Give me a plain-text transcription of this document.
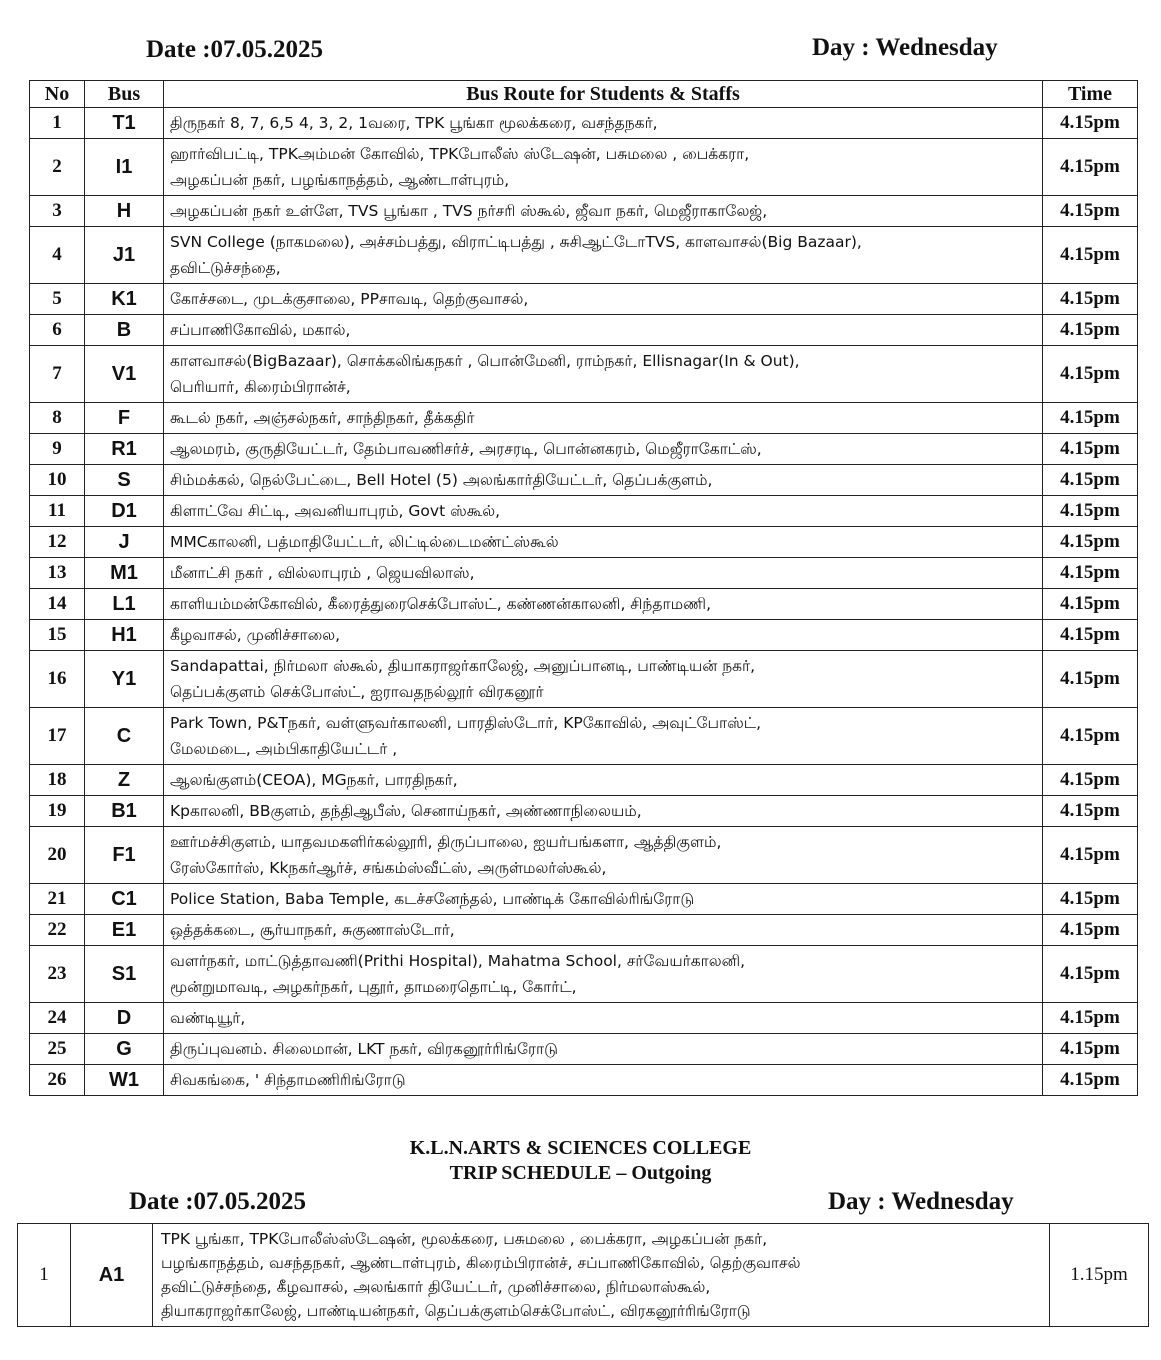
Date :07.05.2025	Day : Wednesday
No	Bus	Bus Route for Students & Staffs	Time
1	T1	திருநகர் 8, 7, 6,5 4, 3, 2, 1வரை, TPK பூங்கா மூலக்கரை, வசந்தநகர்,	4.15pm
2	I1	ஹார்விபட்டி, TPKஅம்மன் கோவில், TPKபோலீஸ் ஸ்டேஷன், பசுமலை , பைக்கரா,
அழகப்பன் நகர், பழங்காநத்தம், ஆண்டாள்புரம்,	4.15pm
3	H	அழகப்பன் நகர் உள்ளே, TVS பூங்கா , TVS நர்சரி ஸ்கூல், ஜீவா நகர், மெஜீராகாலேஜ்,	4.15pm
4	J1	SVN College (நாகமலை), அச்சம்பத்து, விராட்டிபத்து , சுசிஆட்டோTVS, காளவாசல்(Big Bazaar),
தவிட்டுச்சந்தை,	4.15pm
5	K1	கோச்சடை, முடக்குசாலை, PPசாவடி, தெற்குவாசல்,	4.15pm
6	B	சப்பாணிகோவில், மகால்,	4.15pm
7	V1	காளவாசல்(BigBazaar), சொக்கலிங்கநகர் , பொன்மேனி, ராம்நகர், Ellisnagar(In & Out),
பெரியார், கிரைம்பிரான்ச்,	4.15pm
8	F	கூடல் நகர், அஞ்சல்நகர், சாந்திநகர், தீக்கதிர்	4.15pm
9	R1	ஆலமரம், குருதியேட்டர், தேம்பாவணிசர்ச், அரசரடி, பொன்னகரம், மெஜீராகோட்ஸ்,	4.15pm
10	S	சிம்மக்கல், நெல்பேட்டை, Bell Hotel (5) அலங்கார்தியேட்டர், தெப்பக்குளம்,	4.15pm
11	D1	கிளாட்வே சிட்டி, அவனியாபுரம், Govt ஸ்கூல்,	4.15pm
12	J	MMCகாலனி, பத்மாதியேட்டர், லிட்டில்டைமண்ட்ஸ்கூல்	4.15pm
13	M1	மீனாட்சி நகர் , வில்லாபுரம் , ஜெயவிலாஸ்,	4.15pm
14	L1	காளியம்மன்கோவில், கீரைத்துரைசெக்போஸ்ட், கண்ணன்காலனி, சிந்தாமணி,	4.15pm
15	H1	கீழவாசல், முனிச்சாலை,	4.15pm
16	Y1	Sandapattai, நிர்மலா ஸ்கூல், தியாகராஜர்காலேஜ், அனுப்பானடி, பாண்டியன் நகர்,
தெப்பக்குளம் செக்போஸ்ட், ஐராவதநல்லூர் விரகனூர்	4.15pm
17	C	Park Town, P&Tநகர், வள்ளுவர்காலனி, பாரதிஸ்டோர், KPகோவில், அவுட்போஸ்ட்,
மேலமடை, அம்பிகாதியேட்டர் ,	4.15pm
18	Z	ஆலங்குளம்(CEOA), MGநகர், பாரதிநகர்,	4.15pm
19	B1	Kpகாலனி, BBகுளம், தந்திஆபீஸ், செனாய்நகர், அண்ணாநிலையம்,	4.15pm
20	F1	ஊர்மச்சிகுளம், யாதவமகளிர்கல்லூரி, திருப்பாலை, ஐயர்பங்களா, ஆத்திகுளம்,
ரேஸ்கோர்ஸ், Kkநகர்ஆர்ச், சங்கம்ஸ்வீட்ஸ், அருள்மலர்ஸ்கூல்,	4.15pm
21	C1	Police Station, Baba Temple, கடச்சனேந்தல், பாண்டிக் கோவில்ரிங்ரோடு	4.15pm
22	E1	ஒத்தக்கடை, சூர்யாநகர், சுகுணாஸ்டோர்,	4.15pm
23	S1	வளர்நகர், மாட்டுத்தாவணி(Prithi Hospital), Mahatma School, சர்வேயர்காலனி,
மூன்றுமாவடி, அழகர்நகர், புதூர், தாமரைதொட்டி, கோர்ட்,	4.15pm
24	D	வண்டியூர்,	4.15pm
25	G	திருப்புவனம். சிலைமான், LKT நகர், விரகனூர்ரிங்ரோடு	4.15pm
26	W1	சிவகங்கை, ' சிந்தாமணிரிங்ரோடு	4.15pm
K.L.N.ARTS & SCIENCES COLLEGE
TRIP SCHEDULE – Outgoing
Date :07.05.2025	Day : Wednesday
1	A1	TPK பூங்கா, TPKபோலீஸ்ஸ்டேஷன், மூலக்கரை, பசுமலை , பைக்கரா, அழகப்பன் நகர்,
பழங்காநத்தம், வசந்தநகர், ஆண்டாள்புரம், கிரைம்பிரான்ச், சப்பாணிகோவில், தெற்குவாசல்
தவிட்டுச்சந்தை, கீழவாசல், அலங்கார் தியேட்டர், முனிச்சாலை, நிர்மலாஸ்கூல்,
தியாகராஜர்காலேஜ், பாண்டியன்நகர், தெப்பக்குளம்செக்போஸ்ட், விரகனூர்ரிங்ரோடு	1.15pm
